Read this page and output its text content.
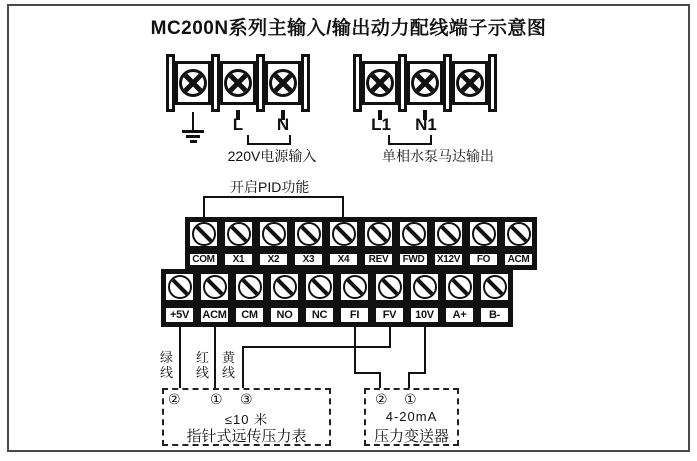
MC200N系列主输入/输出动力配线端子示意图
L N
220V电源输入
L1 N1
单相水泵马达输出
开启PID功能
COM	X1	X2	X3	X4	REV	FWD	X12V	FO	ACM
+5V	ACM	CM	NO	NC	FI	FV	10V	A+	B-
绿线
红线
黄线
② ① ③
≤10 米
指针式远传压力表
② ①
4-20mA
压力变送器
